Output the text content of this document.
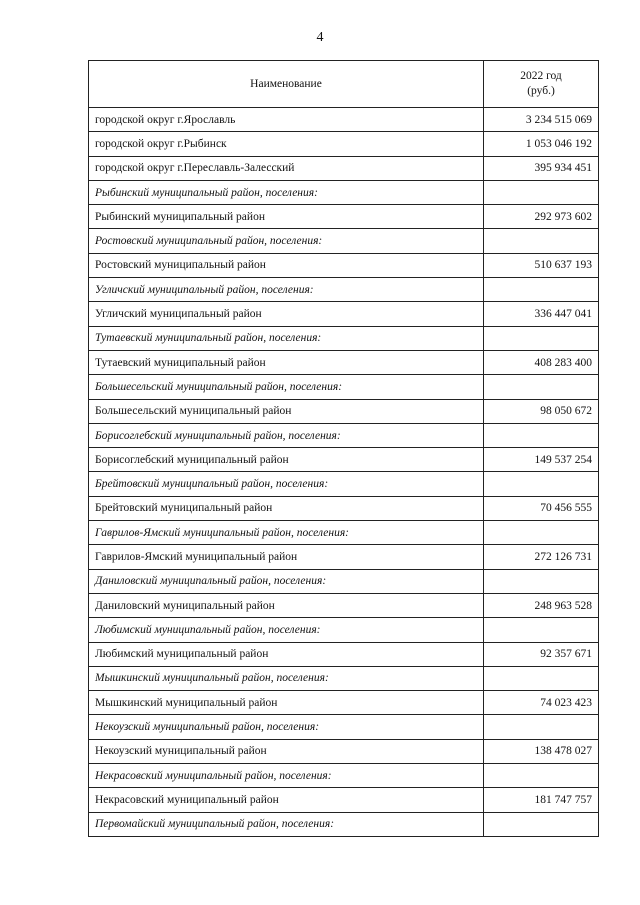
4
Наименование	2022 год
(руб.)

городской округ г.Ярославль	3 234 515 069
городской округ г.Рыбинск	1 053 046 192
городской округ г.Переславль-Залесский	395 934 451
Рыбинский муниципальный район, поселения:	
Рыбинский муниципальный район	292 973 602
Ростовский муниципальный район, поселения:	
Ростовский муниципальный район	510 637 193
Угличский муниципальный район, поселения:	
Угличский муниципальный район	336 447 041
Тутаевский муниципальный район, поселения:	
Тутаевский муниципальный район	408 283 400
Большесельский муниципальный район, поселения:	
Большесельский муниципальный район	98 050 672
Борисоглебский муниципальный район, поселения:	
Борисоглебский муниципальный район	149 537 254
Брейтовский муниципальный район, поселения:	
Брейтовский муниципальный район	70 456 555
Гаврилов-Ямский муниципальный район, поселения:	
Гаврилов-Ямский муниципальный район	272 126 731
Даниловский муниципальный район, поселения:	
Даниловский муниципальный район	248 963 528
Любимский муниципальный район, поселения:	
Любимский муниципальный район	92 357 671
Мышкинский муниципальный район, поселения:	
Мышкинский муниципальный район	74 023 423
Некоузский муниципальный район, поселения:	
Некоузский муниципальный район	138 478 027
Некрасовский муниципальный район, поселения:	
Некрасовский муниципальный район	181 747 757
Первомайский муниципальный район, поселения:	
